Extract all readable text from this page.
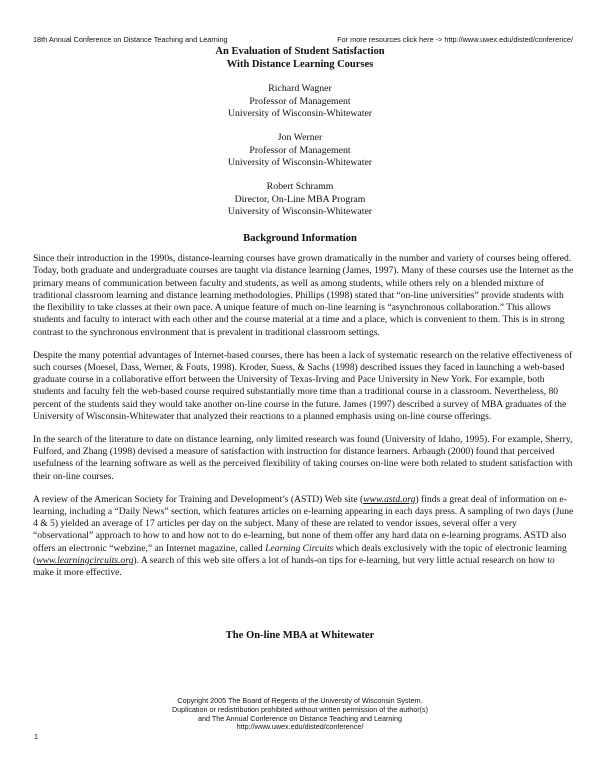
18th Annual Conference on Distance Teaching and Learning	For more resources click here -> http://www.uwex.edu/disted/conference/
An Evaluation of Student Satisfaction
With Distance Learning Courses
Richard Wagner
Professor of Management
University of Wisconsin-Whitewater
Jon Werner
Professor of Management
University of Wisconsin-Whitewater
Robert Schramm
Director, On-Line MBA Program
University of Wisconsin-Whitewater
Background Information

Since their introduction in the 1990s, distance-learning courses have grown dramatically in the number and variety of courses being offered. Today, both graduate and undergraduate courses are taught via distance learning (James, 1997). Many of these courses use the Internet as the primary means of communication between faculty and students, as well as among students, while others rely on a blended mixture of traditional classroom learning and distance learning methodologies. Phillips (1998) stated that “on-line universities” provide students with the flexibility to take classes at their own pace. A unique feature of much on-line learning is “asynchronous collaboration.” This allows students and faculty to interact with each other and the course material at a time and a place, which is convenient to them. This is in strong contrast to the synchronous environment that is prevalent in traditional classroom settings.

Despite the many potential advantages of Internet-based courses, there has been a lack of systematic research on the relative effectiveness of such courses (Moesel, Dass, Werner, & Fouts, 1998). Kroder, Suess, & Sachs (1998) described issues they faced in launching a web-based graduate course in a collaborative effort between the University of Texas-Irving and Pace University in New York. For example, both students and faculty felt the web-based course required substantially more time than a traditional course in a classroom. Nevertheless, 80 percent of the students said they would take another on-line course in the future. James (1997) described a survey of MBA graduates of the University of Wisconsin-Whitewater that analyzed their reactions to a planned emphasis using on-line course offerings.

In the search of the literature to date on distance learning, only limited research was found (University of Idaho, 1995). For example, Sherry, Fulford, and Zhang (1998) devised a measure of satisfaction with instruction for distance learners. Arbaugh (2000) found that perceived usefulness of the learning software as well as the perceived flexibility of taking courses on-line were both related to student satisfaction with their on-line courses.

A review of the American Society for Training and Development’s (ASTD) Web site (www.astd.org) finds a great deal of information on e-learning, including a “Daily News” section, which features articles on e-learning appearing in each days press. A sampling of two days (June 4 & 5) yielded an average of 17 articles per day on the subject. Many of these are related to vendor issues, several offer a very “observational” approach to how to and how not to do e-learning, but none of them offer any hard data on e-learning programs. ASTD also offers an electronic “webzine,” an Internet magazine, called Learning Circuits which deals exclusively with the topic of electronic learning (www.learningcircuits.org). A search of this web site offers a lot of hands-on tips for e-learning, but very little actual research on how to make it more effective.

The On-line MBA at Whitewater
Copyright 2005 The Board of Regents of the University of Wisconsin System.
Duplication or redistribution prohibited without written permission of the author(s)
and The Annual Conference on Distance Teaching and Learning
http://www.uwex.edu/disted/conference/
1
